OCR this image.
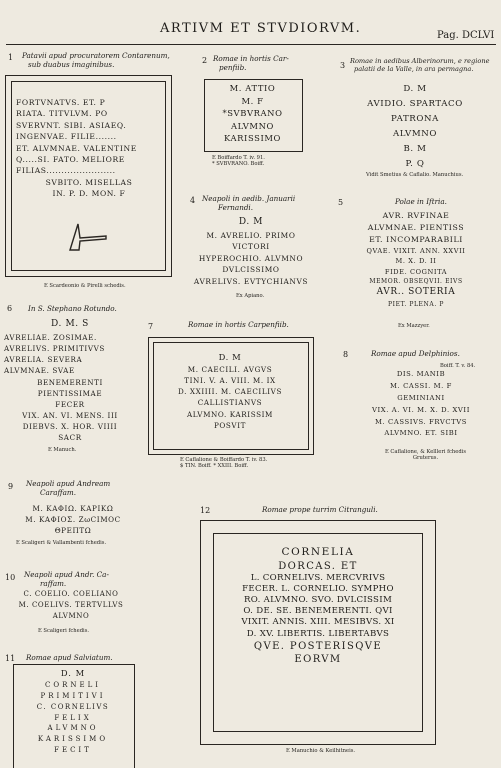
ARTIVM ET STVDIORVM.	Pag. DCLVI
1 Patavii apud procuratorem Contarenum,
sub duabus imaginibus.
FORTVNATVS. ET. P
RIATA. TITVLVM. PO
SVERVNT. SIBI. ASIAEQ.
INGENVAE. FILIE.......
ET. ALVMNAE. VALENTINE
Q.....SI. FATO. MELIORE
FILIAS.......................
SVBITO. MISELLAS
IN. P. D. MON. F
E Scardeonio & Pirelli schedis.
2 Romae in hortis Car-
penfiib.
M. ATTIO
M. F
*SVBVRANO
ALVMNO
KARISSIMO
E Boiffardo T. iv. 91.
* SVBVRANO. Boiff.
3 Romae in aedibus Alberinorum, e regione
palatii de la Valle, in ara permagna.
D. M
AVIDIO. SPARTACO
PATRONA
ALVMNO
B. M
P. Q
Vidit Smetius & Caflalio. Manuchius.
4 Neapoli in aedib. Januarii
Fernandi.
D. M
M. AVRELIO. PRIMO
VICTORI
HYPEROCHIO. ALVMNO
DVLCISSIMO
AVRELIVS. EVTYCHIANVS
Ex Apiano.
5	Polae in Iftria.
AVR. RVFINAE
ALVMNAE. PIENTISS
ET. INCOMPARABILI
QVAE. VIXIT. ANN. XXVII
M. X. D. II
FIDE. COGNITA
MEMOR. OBSEQVII. EIVS
AVR.. SOTERIA
PIET. PLENA. P
Ex Mazzyer.
6 In S. Stephano Rotundo.
D. M. S
AVRELIAE. ZOSIMAE.
AVRELIVS. PRIMITIVVS
AVRELIA. SEVERA
ALVMNAE. SVAE
BENEMERENTI
PIENTISSIMAE
FECER
VIX. AN. VI. MENS. III
DIEBVS. X. HOR. VIIII
SACR
E Manuch.
7	Romae in hortis Carpenfiib.
D. M
M. CAECILI. AVGVS
TINI. V. A. VIII. M. IX
D. XXIIII. M. CAECILIVS
CALLISTIANVS
ALVMNO. KARISSIM
POSVIT
E Caflalione & Boiffardo T. iv. 83.
$ TIN. Boiff. * XXIII. Boiff.
8	Romae apud Delphinios.
Boiff. T. v. 84.
DIS. MANIB
M. CASSI. M. F
GEMINIANI
VIX. A. VI. M. X. D. XVII
M. CASSIVS. FRVCTVS
ALVMNO. ET. SIBI
E Caflalione, & Kellleri fchedis
Gruterus.
9 Neapoli apud Andream
Caraffam.
M. ΚΑΦΙΩ. ΚΑΡΙΚΩ
Μ. ΚΑΦΙΟΣ. ΖωCIMOC
ΘΡΕΠΤΩ
E Scaligeri & Vallambenti fchedis.
10 Neapoli apud Andr. Ca-
raffam.
C. COELIO. COELIANO
M. COELIVS. TERTVLLVS
ALVMNO
E Scaligeri fchedis.
11 Romae apud Salviatum.
D. M
CORNELI
PRIMITIVI
C. CORNELIVS
FELIX
ALVMNO
KARISSIMO
FECIT
12	Romae prope turrim Citranguli.
CORNELIA
DORCAS. ET
L. CORNELIVS. MERCVRIVS
FECER. L. CORNELIO. SYMPHO
RO. ALVMNO. SVO. DVLCISSIM
O. DE. SE. BENEMERENTI. QVI
VIXIT. ANNIS. XIII. MESIBVS. XI
D. XV. LIBERTIS. LIBERTABVS
QVE. POSTERISQVE
EORVM
E Manuchio & Keilhitneis.
